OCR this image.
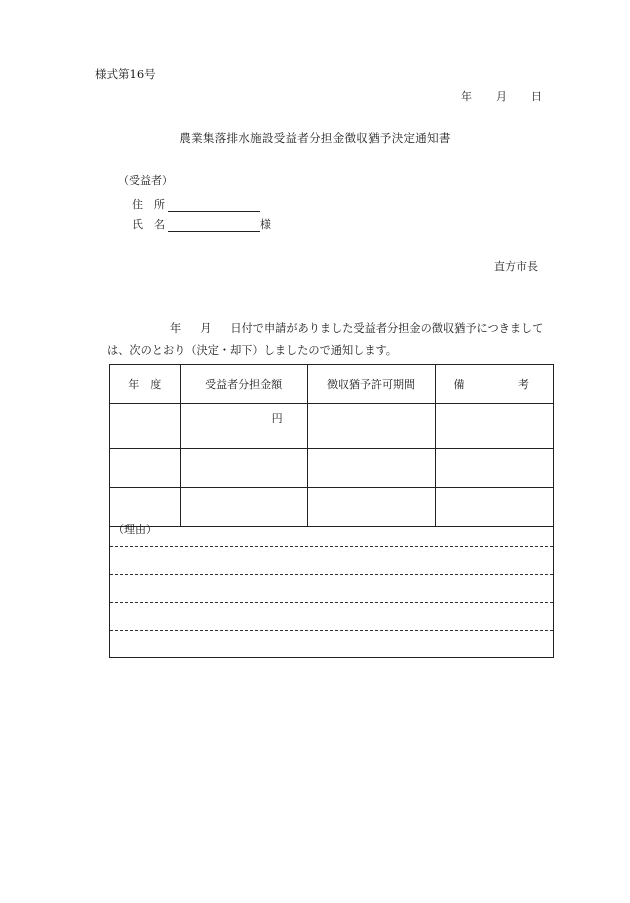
様式第16号
年 月 日
農業集落排水施設受益者分担金徴収猶予決定通知書
（受益者）
住 所
氏 名	様
直方市長
年 月 日付で申請がありました受益者分担金の徴収猶予につきまして
は、次のとおり（決定・却下）しましたので通知します。
年　度	受益者分担金額	徴収猶予許可期間	備 考

	円		

（理由）
